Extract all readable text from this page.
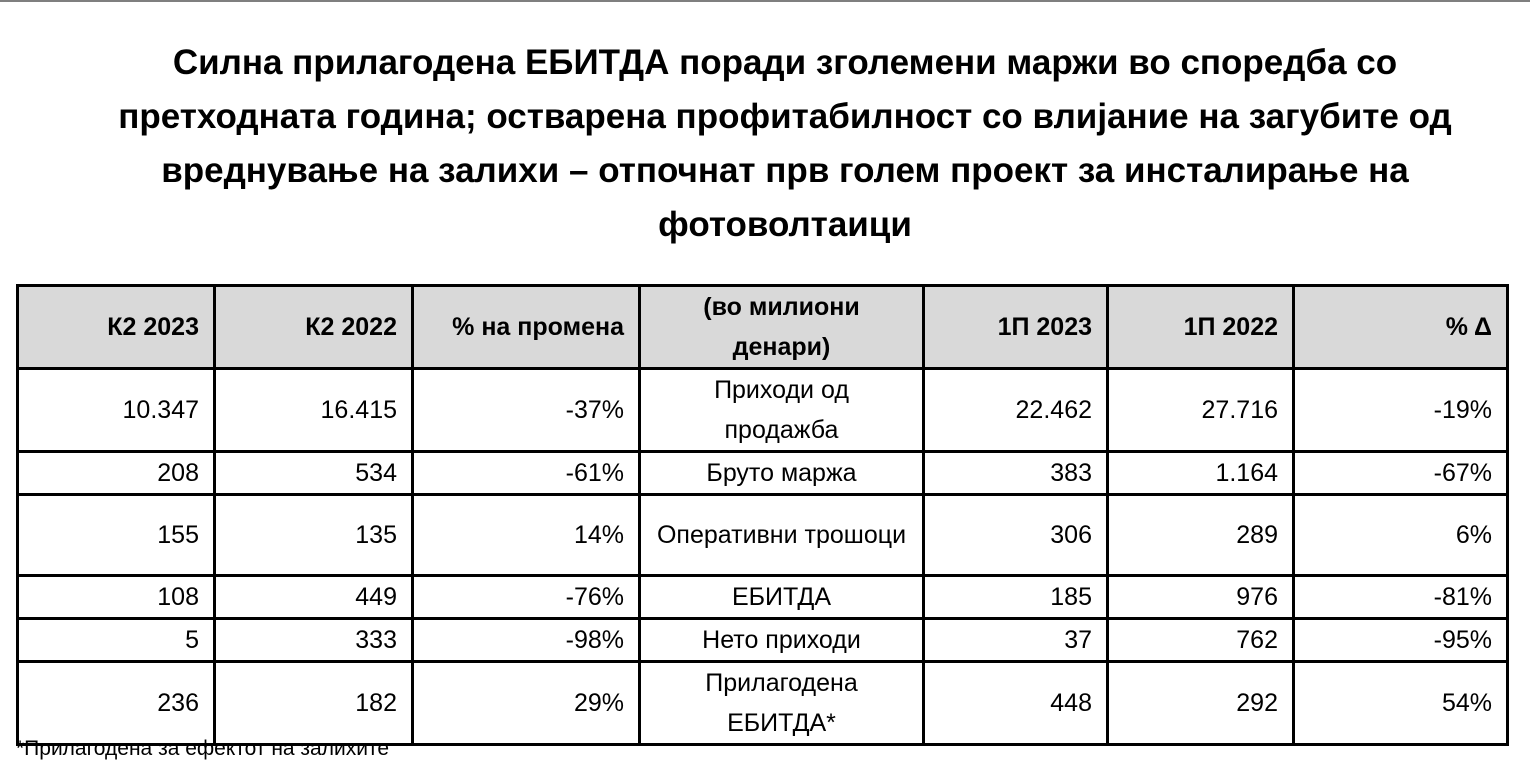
Силна прилагодена ЕБИТДА поради зголемени маржи во споредба со
претходната година; остварена профитабилност со влијание на загубите од
вреднување на залихи – отпочнат прв голем проект за инсталирање на
фотоволтаици
К2 2023	К2 2022	% на промена	(во милиони денари)	1П 2023	1П 2022	% Δ
10.347	16.415	-37%	Приходи од продажба	22.462	27.716	-19%
208	534	-61%	Бруто маржа	383	1.164	-67%
155	135	14%	Оперативни трошоци	306	289	6%
108	449	-76%	ЕБИТДА	185	976	-81%
5	333	-98%	Нето приходи	37	762	-95%
236	182	29%	Прилагодена ЕБИТДА*	448	292	54%
*Прилагодена за ефектот на залихите
